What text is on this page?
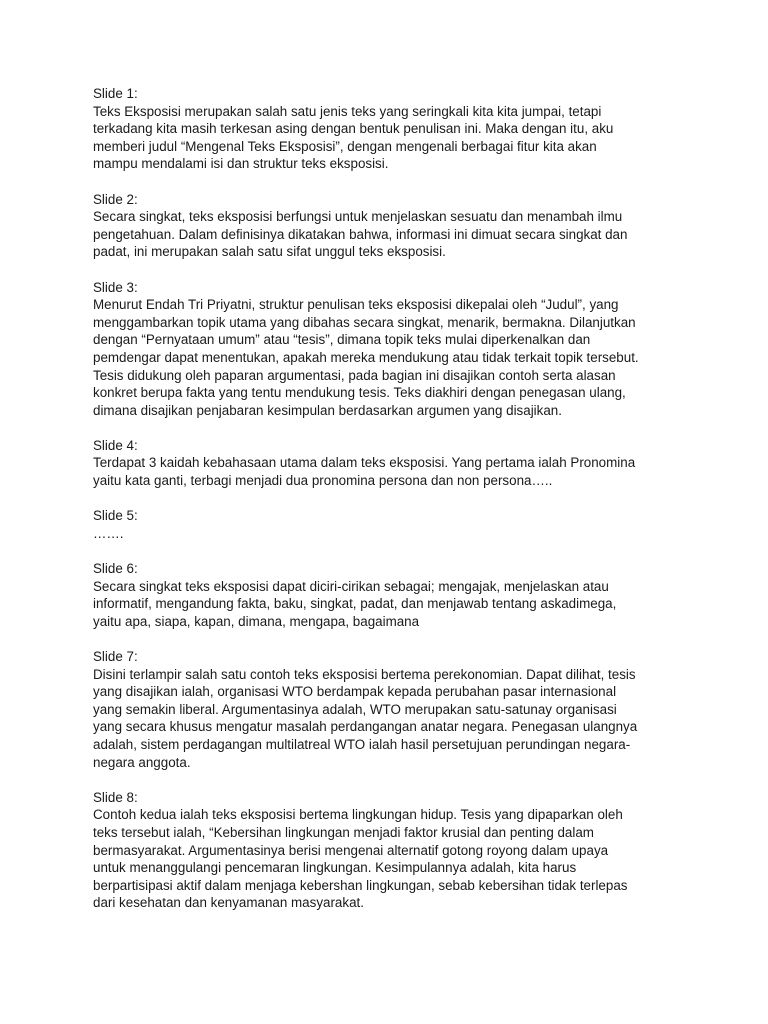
Slide 1:
Teks Eksposisi merupakan salah satu jenis teks yang seringkali kita kita jumpai, tetapi
terkadang kita masih terkesan asing dengan bentuk penulisan ini. Maka dengan itu, aku
memberi judul “Mengenal Teks Eksposisi”, dengan mengenali berbagai fitur kita akan
mampu mendalami isi dan struktur teks eksposisi.
Slide 2:
Secara singkat, teks eksposisi berfungsi untuk menjelaskan sesuatu dan menambah ilmu
pengetahuan. Dalam definisinya dikatakan bahwa, informasi ini dimuat secara singkat dan
padat, ini merupakan salah satu sifat unggul teks eksposisi.
Slide 3:
Menurut Endah Tri Priyatni, struktur penulisan teks eksposisi dikepalai oleh “Judul”, yang
menggambarkan topik utama yang dibahas secara singkat, menarik, bermakna. Dilanjutkan
dengan “Pernyataan umum” atau “tesis”, dimana topik teks mulai diperkenalkan dan
pemdengar dapat menentukan, apakah mereka mendukung atau tidak terkait topik tersebut.
Tesis didukung oleh paparan argumentasi, pada bagian ini disajikan contoh serta alasan
konkret berupa fakta yang tentu mendukung tesis. Teks diakhiri dengan penegasan ulang,
dimana disajikan penjabaran kesimpulan berdasarkan argumen yang disajikan.
Slide 4:
Terdapat 3 kaidah kebahasaan utama dalam teks eksposisi. Yang pertama ialah Pronomina
yaitu kata ganti, terbagi menjadi dua pronomina persona dan non persona…..
Slide 5:
…….
Slide 6:
Secara singkat teks eksposisi dapat diciri-cirikan sebagai; mengajak, menjelaskan atau
informatif, mengandung fakta, baku, singkat, padat, dan menjawab tentang askadimega,
yaitu apa, siapa, kapan, dimana, mengapa, bagaimana
Slide 7:
Disini terlampir salah satu contoh teks eksposisi bertema perekonomian. Dapat dilihat, tesis
yang disajikan ialah, organisasi WTO berdampak kepada perubahan pasar internasional
yang semakin liberal. Argumentasinya adalah, WTO merupakan satu-satunay organisasi
yang secara khusus mengatur masalah perdangangan anatar negara. Penegasan ulangnya
adalah, sistem perdagangan multilatreal WTO ialah hasil persetujuan perundingan negara-
negara anggota.
Slide 8:
Contoh kedua ialah teks eksposisi bertema lingkungan hidup. Tesis yang dipaparkan oleh
teks tersebut ialah, “Kebersihan lingkungan menjadi faktor krusial dan penting dalam
bermasyarakat. Argumentasinya berisi mengenai alternatif gotong royong dalam upaya
untuk menanggulangi pencemaran lingkungan. Kesimpulannya adalah, kita harus
berpartisipasi aktif dalam menjaga kebershan lingkungan, sebab kebersihan tidak terlepas
dari kesehatan dan kenyamanan masyarakat.
